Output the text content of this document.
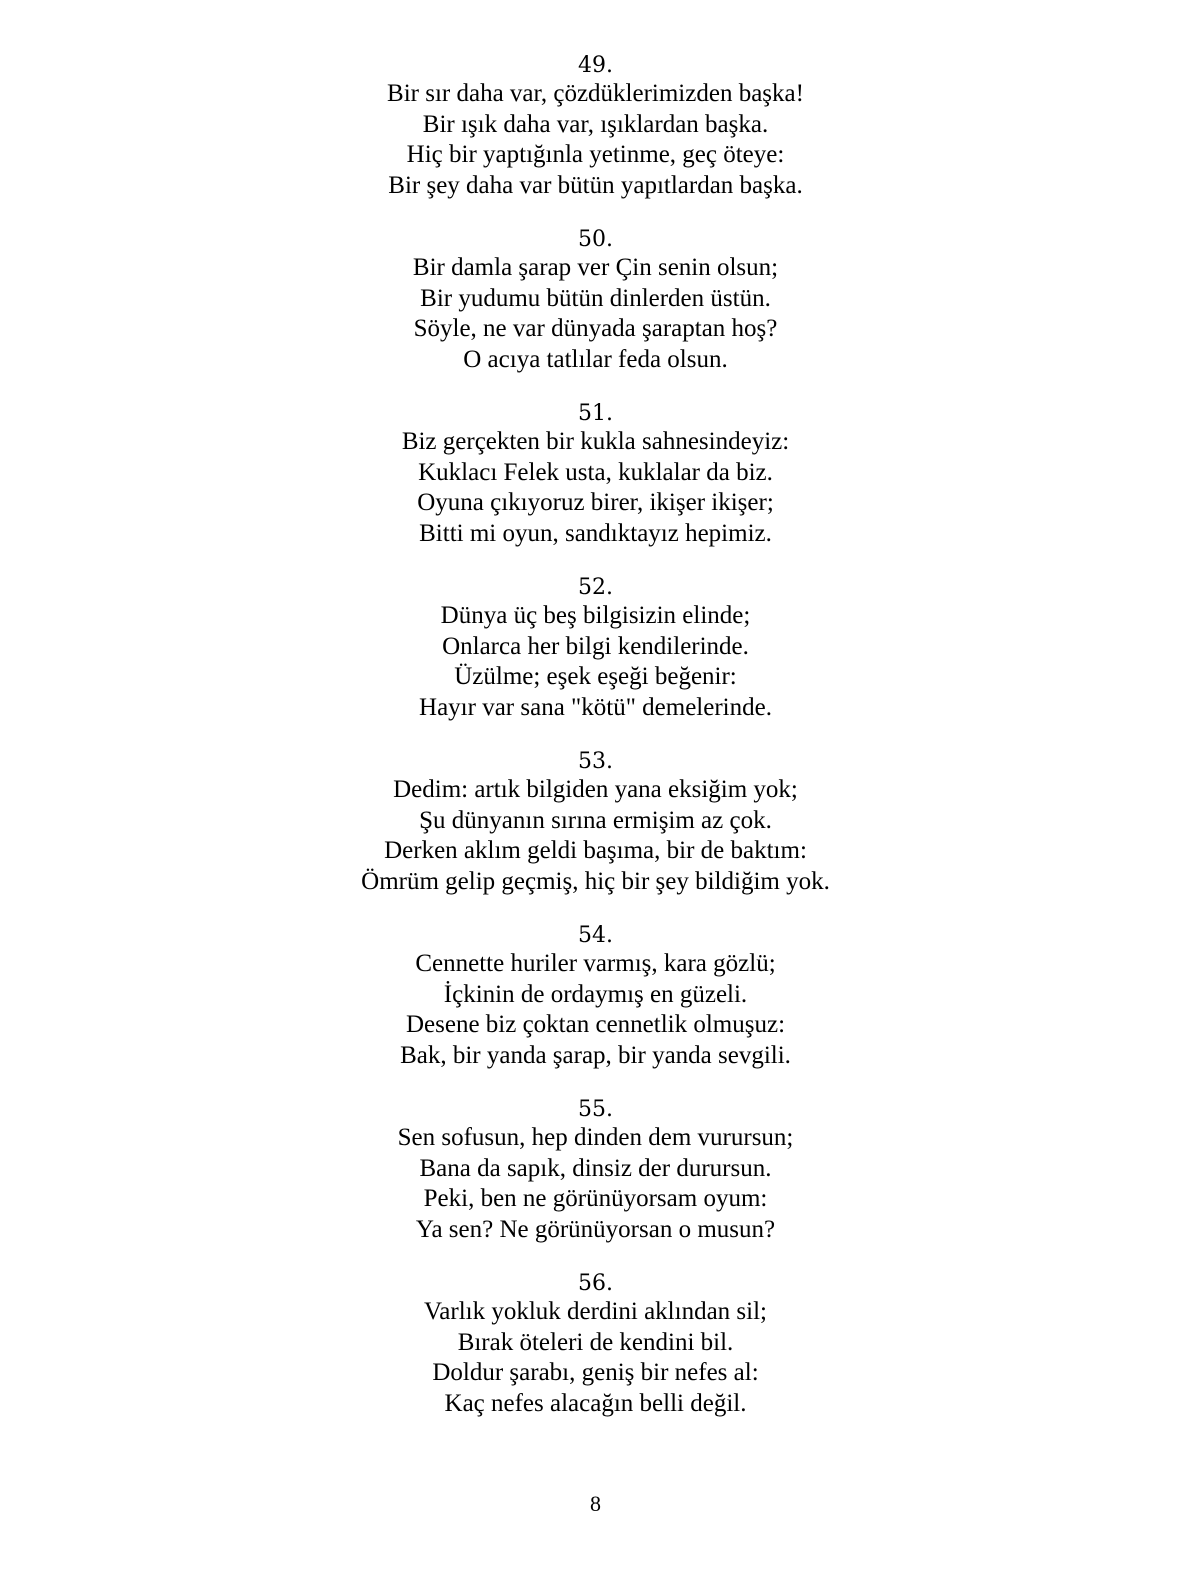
49.
Bir sır daha var, çözdüklerimizden başka!
Bir ışık daha var, ışıklardan başka.
Hiç bir yaptığınla yetinme, geç öteye:
Bir şey daha var bütün yapıtlardan başka.
50.
Bir damla şarap ver Çin senin olsun;
Bir yudumu bütün dinlerden üstün.
Söyle, ne var dünyada şaraptan hoş?
O acıya tatlılar feda olsun.
51.
Biz gerçekten bir kukla sahnesindeyiz:
Kuklacı Felek usta, kuklalar da biz.
Oyuna çıkıyoruz birer, ikişer ikişer;
Bitti mi oyun, sandıktayız hepimiz.
52.
Dünya üç beş bilgisizin elinde;
Onlarca her bilgi kendilerinde.
Üzülme; eşek eşeği beğenir:
Hayır var sana "kötü" demelerinde.
53.
Dedim: artık bilgiden yana eksiğim yok;
Şu dünyanın sırına ermişim az çok.
Derken aklım geldi başıma, bir de baktım:
Ömrüm gelip geçmiş, hiç bir şey bildiğim yok.
54.
Cennette huriler varmış, kara gözlü;
İçkinin de ordaymış en güzeli.
Desene biz çoktan cennetlik olmuşuz:
Bak, bir yanda şarap, bir yanda sevgili.
55.
Sen sofusun, hep dinden dem vurursun;
Bana da sapık, dinsiz der durursun.
Peki, ben ne görünüyorsam oyum:
Ya sen? Ne görünüyorsan o musun?
56.
Varlık yokluk derdini aklından sil;
Bırak öteleri de kendini bil.
Doldur şarabı, geniş bir nefes al:
Kaç nefes alacağın belli değil.
8
